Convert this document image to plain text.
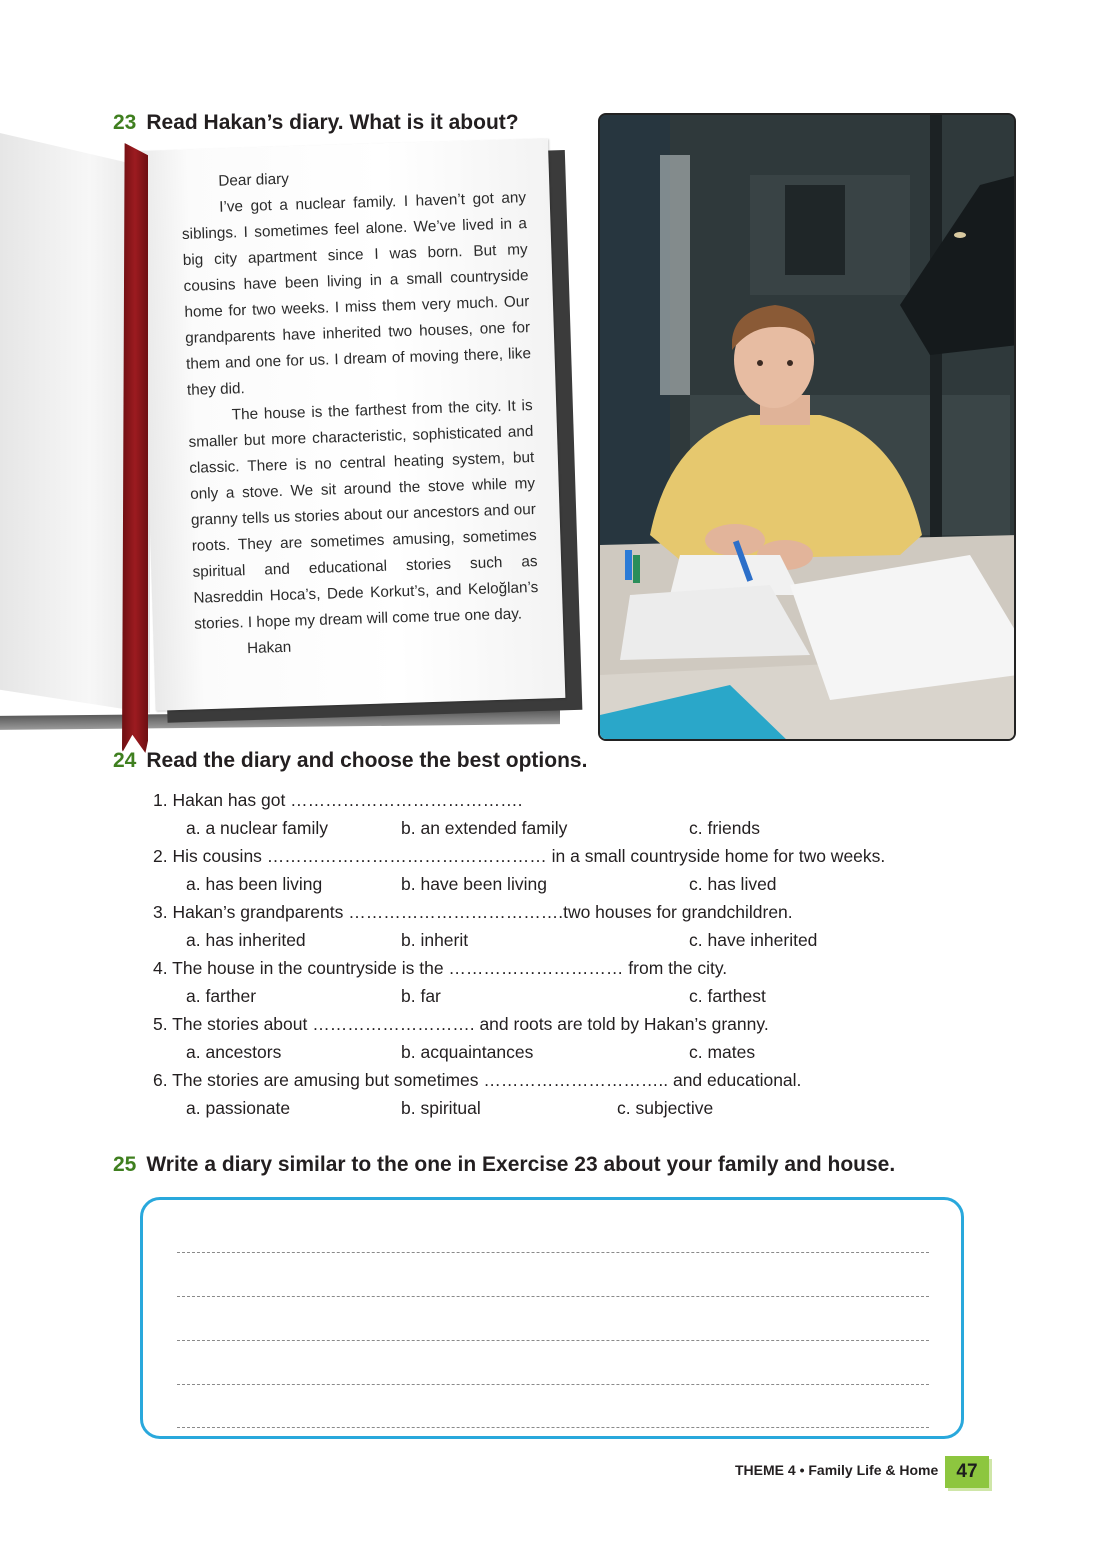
23 Read Hakan’s diary. What is it about?

Dear diary

I’ve got a nuclear family. I haven’t got any siblings. I sometimes feel alone. We’ve lived in a big city apartment since I was born. But my cousins have been living in a small countryside home for two weeks. I miss them very much. Our grandparents have inherited two houses, one for them and one for us. I dream of moving there, like they did.

The house is the farthest from the city. It is smaller but more characteristic, sophisticated and classic. There is no central heating system, but only a stove. We sit around the stove while my granny tells us stories about our ancestors and our roots. They are sometimes amusing, sometimes spiritual and educational stories such as Nasreddin Hoca’s, Dede Korkut’s, and Keloğlan’s stories. I hope my dream will come true one day.

Hakan

24 Read the diary and choose the best options.
1. Hakan has got ………………………………….
a. a nuclear family	b. an extended family	c. friends
2. His cousins ………………………………………… in a small countryside home for two weeks.
a. has been living	b. have been living	c. has lived
3. Hakan’s grandparents ……………………………….two houses for grandchildren.
a. has inherited	b. inherit	c. have inherited
4. The house in the countryside is the ………………………… from the city.
a. farther	b. far	c. farthest
5. The stories about ………………………. and roots are told by Hakan’s granny.
a. ancestors	b. acquaintances	c. mates
6. The stories are amusing but sometimes ………………………….. and educational.
a. passionate	b. spiritual	c. subjective
25 Write a diary similar to the one in Exercise 23 about your family and house.
THEME 4 • Family Life & Home 47
